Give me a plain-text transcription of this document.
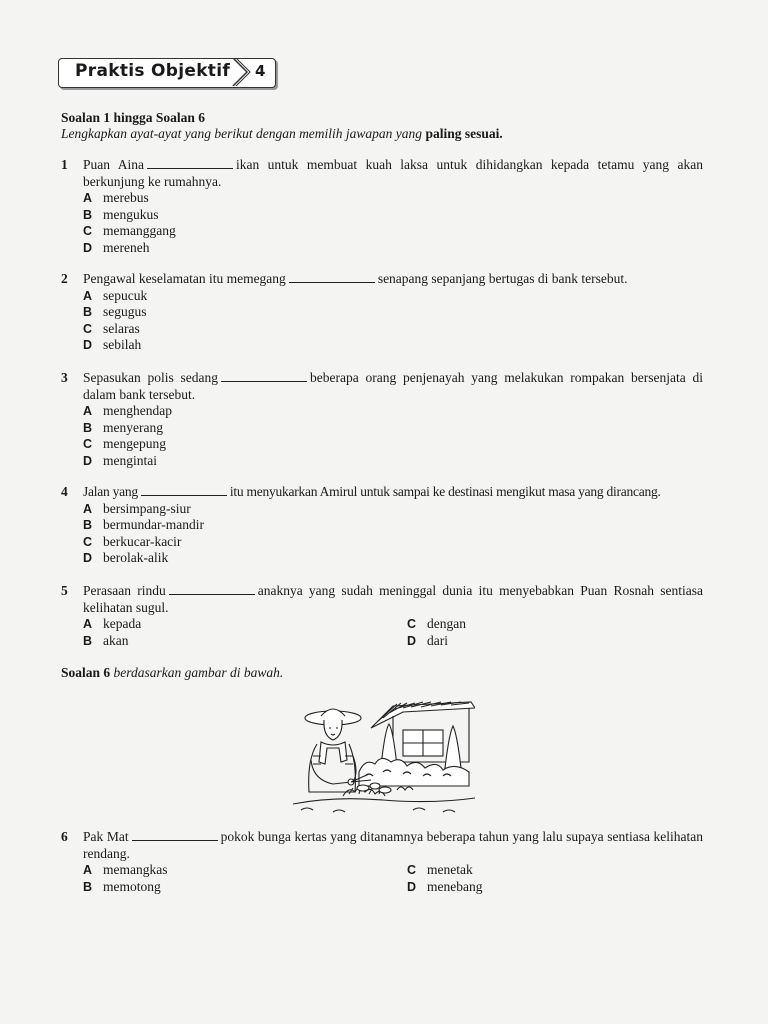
Praktis Objektif 4
Soalan 1 hingga Soalan 6
Lengkapkan ayat-ayat yang berikut dengan memilih jawapan yang paling sesuai.
1	Puan Aina	ikan untuk membuat kuah laksa untuk dihidangkan kepada tetamu yang akan berkunjung ke rumahnya.
A merebus
B mengukus
C memanggang
D mereneh
2	Pengawal keselamatan itu memegang	senapang sepanjang bertugas di bank tersebut.
A sepucuk
B segugus
C selaras
D sebilah
3	Sepasukan polis sedang	beberapa orang penjenayah yang melakukan rompakan bersenjata di dalam bank tersebut.
A menghendap
B menyerang
C mengepung
D mengintai
4	Jalan yang	itu menyukarkan Amirul untuk sampai ke destinasi mengikut masa yang dirancang.
A bersimpang-siur
B bermundar-mandir
C berkucar-kacir
D berolak-alik
5	Perasaan rindu	anaknya yang sudah meninggal dunia itu menyebabkan Puan Rosnah sentiasa kelihatan sugul.
A kepada	C dengan
B akan	D dari
Soalan 6 berdasarkan gambar di bawah.
6	Pak Mat	pokok bunga kertas yang ditanamnya beberapa tahun yang lalu supaya sentiasa kelihatan rendang.
A memangkas	C menetak
B memotong	D menebang
